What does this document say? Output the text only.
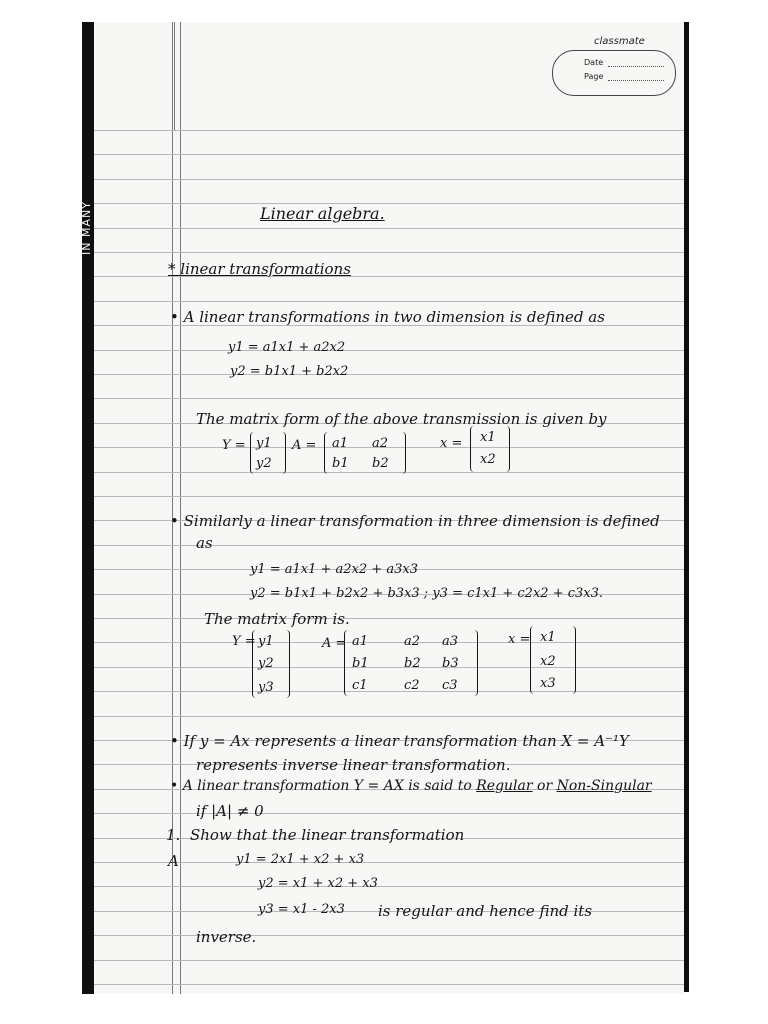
IN MANY
classmate
Date
Page
Linear algebra.
* linear transformations
• A linear transformations in two dimension is defined as
y1 = a1x1 + a2x2
y2 = b1x1 + b2x2
The matrix form of the above transmission is given by
Y = y1
y2
A = a1 a2
b1 b2
x = x1
x2
• Similarly a linear transformation in three dimension is defined
as
y1 = a1x1 + a2x2 + a3x3
y2 = b1x1 + b2x2 + b3x3 ; y3 = c1x1 + c2x2 + c3x3.
The matrix form is.
Y = y1
y2
y3
A = a1	a2 a3
b1	b2 b3
c1	c2 c3
x = x1
x2
x3
• If y = Ax represents a linear transformation than X = A⁻¹Y
represents inverse linear transformation.
• A linear transformation Y = AX is said to Regular or Non-Singular
if |A| ≠ 0
1. Show that the linear transformation
A	y1 = 2x1 + x2 + x3
y2 = x1 + x2 + x3
y3 = x1 - 2x3 is regular and hence find its
inverse.
